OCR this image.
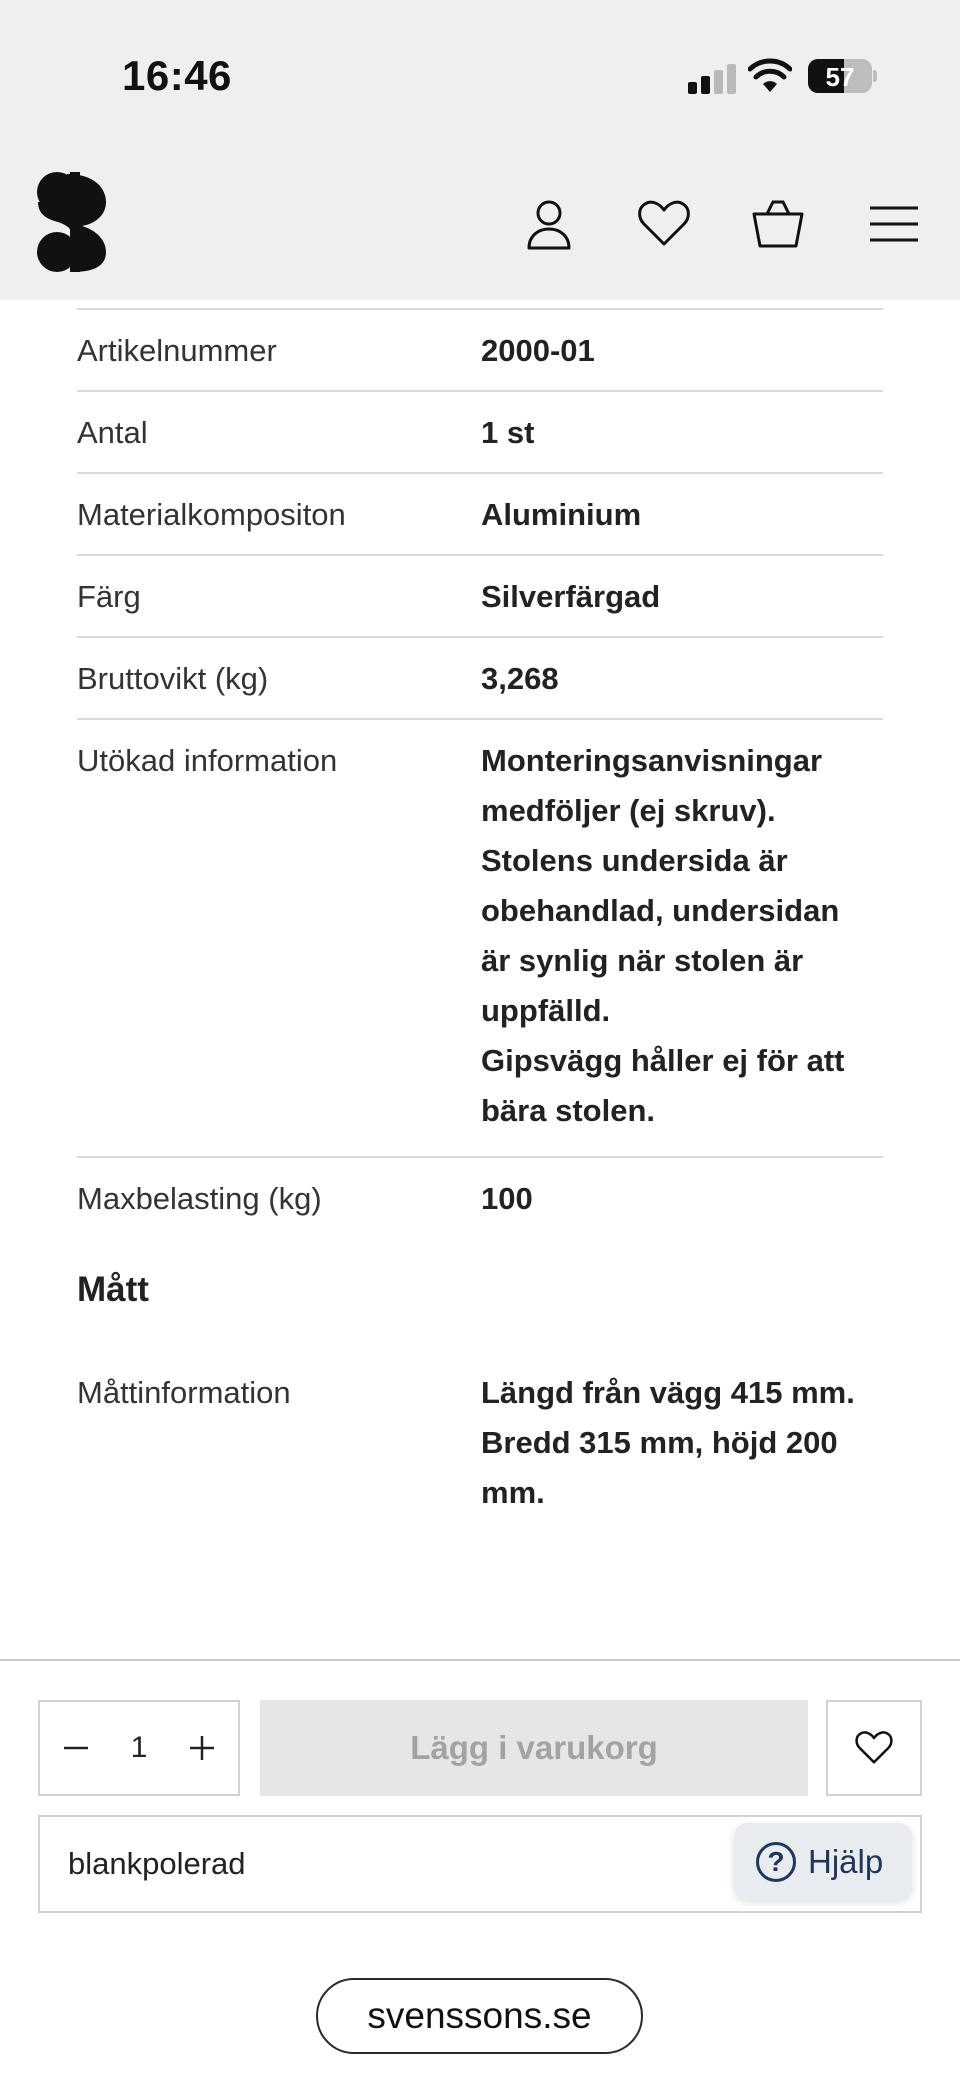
16:46	57
Artikelnummer	2000-01
Antal	1 st
Materialkompositon	Aluminium
Färg	Silverfärgad
Bruttovikt (kg)	3,268
Utökad information	Monteringsanvisningar
medföljer (ej skruv).
Stolens undersida är
obehandlad, undersidan
är synlig när stolen är
uppfälld.
Gipsvägg håller ej för att
bära stolen.
Maxbelasting (kg)	100
Mått
Måttinformation	Längd från vägg 415 mm.
Bredd 315 mm, höjd 200
mm.
1	Lägg i varukorg
blankpolerad	? Hjälp
svenssons.se
